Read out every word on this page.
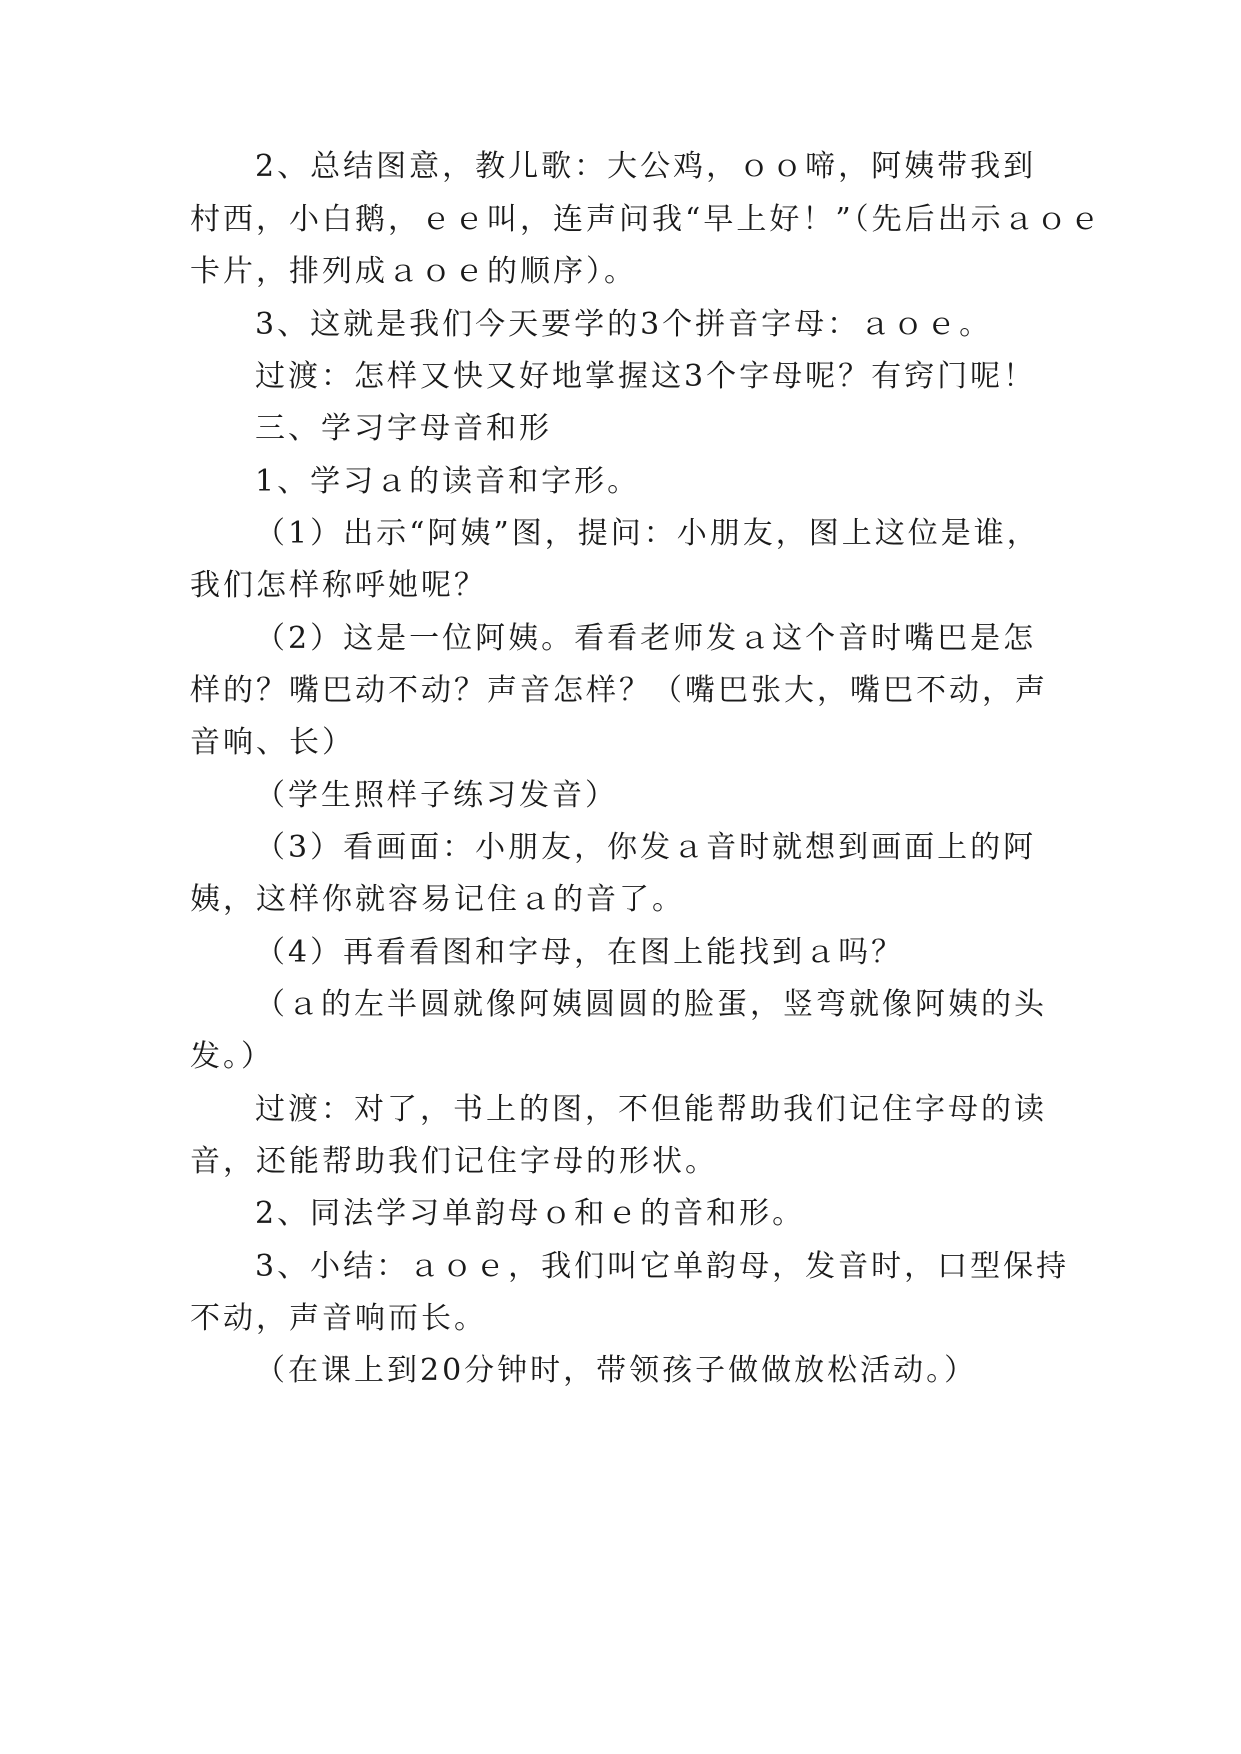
2、总结图意，教儿歌：大公鸡，ｏｏ啼，阿姨带我到
村西，小白鹅，ｅｅ叫，连声问我“早上好！”（先后出示ａｏｅ
卡片，排列成ａｏｅ的顺序）。
3、这就是我们今天要学的3个拼音字母：ａｏｅ。
过渡：怎样又快又好地掌握这3个字母呢？有窍门呢！
三、学习字母音和形
1、学习ａ的读音和字形。
（1）出示“阿姨”图，提问：小朋友，图上这位是谁，
我们怎样称呼她呢？
（2）这是一位阿姨。看看老师发ａ这个音时嘴巴是怎
样的？嘴巴动不动？声音怎样？（嘴巴张大，嘴巴不动，声
音响、长）
（学生照样子练习发音）
（3）看画面：小朋友，你发ａ音时就想到画面上的阿
姨，这样你就容易记住ａ的音了。
（4）再看看图和字母，在图上能找到ａ吗？
（ａ的左半圆就像阿姨圆圆的脸蛋，竖弯就像阿姨的头
发。）
过渡：对了，书上的图，不但能帮助我们记住字母的读
音，还能帮助我们记住字母的形状。
2、同法学习单韵母ｏ和ｅ的音和形。
3、小结：ａｏｅ，我们叫它单韵母，发音时，口型保持
不动，声音响而长。
（在课上到20分钟时，带领孩子做做放松活动。）
